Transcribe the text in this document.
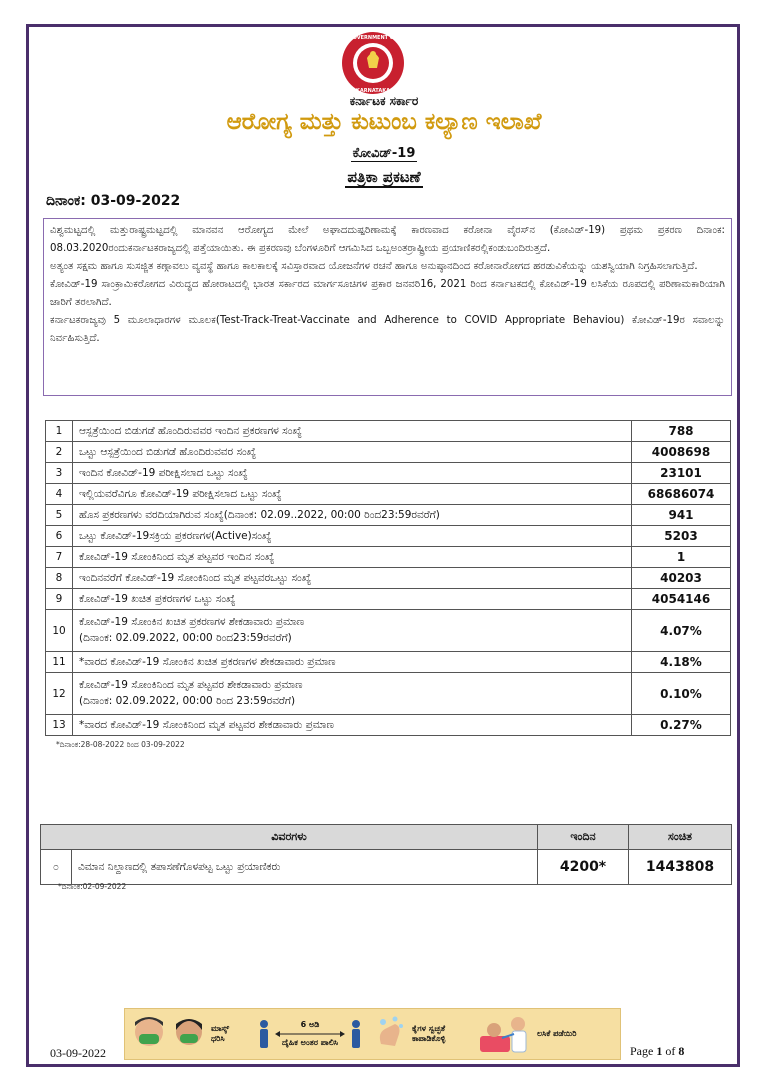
GOVERNMENT OF
KARNATAKA
ಕರ್ನಾಟಕ ಸರ್ಕಾರ
ಆರೋಗ್ಯ ಮತ್ತು ಕುಟುಂಬ ಕಲ್ಯಾಣ ಇಲಾಖೆ
ಕೋವಿಡ್-19
ಪತ್ರಿಕಾ ಪ್ರಕಟಣೆ
ದಿನಾಂಕ: 03-09-2022

ವಿಶ್ವಮಟ್ಟದಲ್ಲಿ ಮತ್ತುರಾಷ್ಟ್ರಮಟ್ಟದಲ್ಲಿ ಮಾನವನ ಆರೋಗ್ಯದ ಮೇಲೆ ಅಘಾದದುಷ್ಪರಿಣಾಮಕ್ಕೆ ಕಾರಣವಾದ ಕರೋನಾ ವೈರಸ್‌ನ (ಕೋವಿಡ್-19) ಪ್ರಥಮ ಪ್ರಕರಣ ದಿನಾಂಕ: 08.03.2020ರಂದುಕರ್ನಾಟಕರಾಜ್ಯದಲ್ಲಿ ಪತ್ತೆಯಾಯಿತು. ಈ ಪ್ರಕರಣವು ಬೆಂಗಳೂರಿಗೆ ಆಗಮಿಸಿದ ಒಬ್ಬಅಂತರ್ರಾಷ್ಟ್ರೀಯ ಪ್ರಯಾಣಿಕರಲ್ಲಿಕಂಡುಬಂದಿರುತ್ತದೆ.

ಅತ್ಯಂತ ಸಕ್ಷಮ ಹಾಗೂ ಸುಸಜ್ಜಿತ ಕಣ್ಗಾವಲು ವ್ಯವಸ್ಥೆ ಹಾಗೂ ಕಾಲಕಾಲಕ್ಕೆ ಸವಿಸ್ತಾರವಾದ ಯೋಜನೆಗಳ ರಚನೆ ಹಾಗೂ ಅನುಷ್ಠಾನದಿಂದ ಕರೋನಾರೋಗದ ಹರಡುವಿಕೆಯನ್ನು ಯಶಸ್ವಿಯಾಗಿ ನಿಗ್ರಹಿಸಲಾಗುತ್ತಿದೆ.

ಕೋವಿಡ್-19 ಸಾಂಕ್ರಾಮಿಕರೋಗದ ವಿರುದ್ಧದ ಹೋರಾಟದಲ್ಲಿ ಭಾರತ ಸರ್ಕಾರದ ಮಾರ್ಗಸೂಚಿಗಳ ಪ್ರಕಾರ ಜನವರಿ16, 2021 ರಿಂದ ಕರ್ನಾಟಕದಲ್ಲಿ ಕೋವಿಡ್-19 ಲಸಿಕೆಯ ರೂಪದಲ್ಲಿ ಪರಿಣಾಮಕಾರಿಯಾಗಿ ಜಾರಿಗೆ ತರಲಾಗಿದೆ.

ಕರ್ನಾಟಕರಾಜ್ಯವು 5 ಮೂಲಾಧಾರಗಳ ಮೂಲಕ(Test-Track-Treat-Vaccinate and Adherence to COVID Appropriate Behaviou) ಕೋವಿಡ್-19ರ ಸವಾಲನ್ನು ನಿರ್ವಹಿಸುತ್ತಿದೆ.

1	ಆಸ್ಪತ್ರೆಯಿಂದ ಬಿಡುಗಡೆ ಹೊಂದಿರುವವರ ಇಂದಿನ ಪ್ರಕರಣಗಳ ಸಂಖ್ಯೆ	788
2	ಒಟ್ಟು ಆಸ್ಪತ್ರೆಯಿಂದ ಬಿಡುಗಡೆ ಹೊಂದಿರುವವರ ಸಂಖ್ಯೆ	4008698
3	ಇಂದಿನ ಕೋವಿಡ್-19 ಪರೀಕ್ಷಿಸಲಾದ ಒಟ್ಟು ಸಂಖ್ಯೆ	23101
4	ಇಲ್ಲಿಯವರೆವಿಗೂ ಕೋವಿಡ್-19 ಪರೀಕ್ಷಿಸಲಾದ ಒಟ್ಟು ಸಂಖ್ಯೆ	68686074
5	ಹೊಸ ಪ್ರಕರಣಗಳು ವರದಿಯಾಗಿರುವ ಸಂಖ್ಯೆ(ದಿನಾಂಕ: 02.09..2022, 00:00 ರಿಂದ23:59ರವರೆಗೆ)	941
6	ಒಟ್ಟು ಕೋವಿಡ್-19ಸಕ್ರಿಯ ಪ್ರಕರಣಗಳ(Active)ಸಂಖ್ಯೆ	5203
7	ಕೋವಿಡ್-19 ಸೋಂಕಿನಿಂದ ಮೃತ ಪಟ್ಟವರ ಇಂದಿನ ಸಂಖ್ಯೆ	1
8	ಇಂದಿನವರೆಗೆ ಕೋವಿಡ್-19 ಸೋಂಕಿನಿಂದ ಮೃತ ಪಟ್ಟವರಒಟ್ಟು ಸಂಖ್ಯೆ	40203
9	ಕೋವಿಡ್-19 ಖಚಿತ ಪ್ರಕರಣಗಳ ಒಟ್ಟು ಸಂಖ್ಯೆ	4054146
10	ಕೋವಿಡ್-19 ಸೋಂಕಿನ ಖಚಿತ ಪ್ರಕರಣಗಳ ಶೇಕಡಾವಾರು ಪ್ರಮಾಣ
(ದಿನಾಂಕ: 02.09.2022, 00:00 ರಿಂದ23:59ರವರೆಗೆ)	4.07%
11	*ವಾರದ ಕೋವಿಡ್-19 ಸೋಂಕಿನ ಖಚಿತ ಪ್ರಕರಣಗಳ ಶೇಕಡಾವಾರು ಪ್ರಮಾಣ	4.18%
12	ಕೋವಿಡ್-19 ಸೋಂಕಿನಿಂದ ಮೃತ ಪಟ್ಟವರ ಶೇಕಡಾವಾರು ಪ್ರಮಾಣ
(ದಿನಾಂಕ: 02.09.2022, 00:00 ರಿಂದ 23:59ರವರೆಗೆ)	0.10%
13	*ವಾರದ ಕೋವಿಡ್-19 ಸೋಂಕಿನಿಂದ ಮೃತ ಪಟ್ಟವರ ಶೇಕಡಾವಾರು ಪ್ರಮಾಣ	0.27%
*ದಿನಾಂಕ:28-08-2022 ರಿಂದ 03-09-2022
ವಿವರಗಳು		ಇಂದಿನ	ಸಂಚಿತ
೦	ವಿಮಾನ ನಿಲ್ದಾಣದಲ್ಲಿ ತಪಾಸಣೆಗೊಳಪಟ್ಟ ಒಟ್ಟು ಪ್ರಯಾಣಿಕರು	4200*	1443808
*ದಿನಾಂಕ:02-09-2022
ಮಾಸ್ಕ್ ಧರಿಸಿ
6 ಅಡಿ
ದೈಹಿಕ ಅಂತರ ಪಾಲಿಸಿ
ಕೈಗಳ ಸ್ವಚ್ಛತೆ ಕಾಪಾಡಿಕೊಳ್ಳಿ
ಲಸಿಕೆ ಪಡೆಯಿರಿ
03-09-2022	Page 1 of 8
